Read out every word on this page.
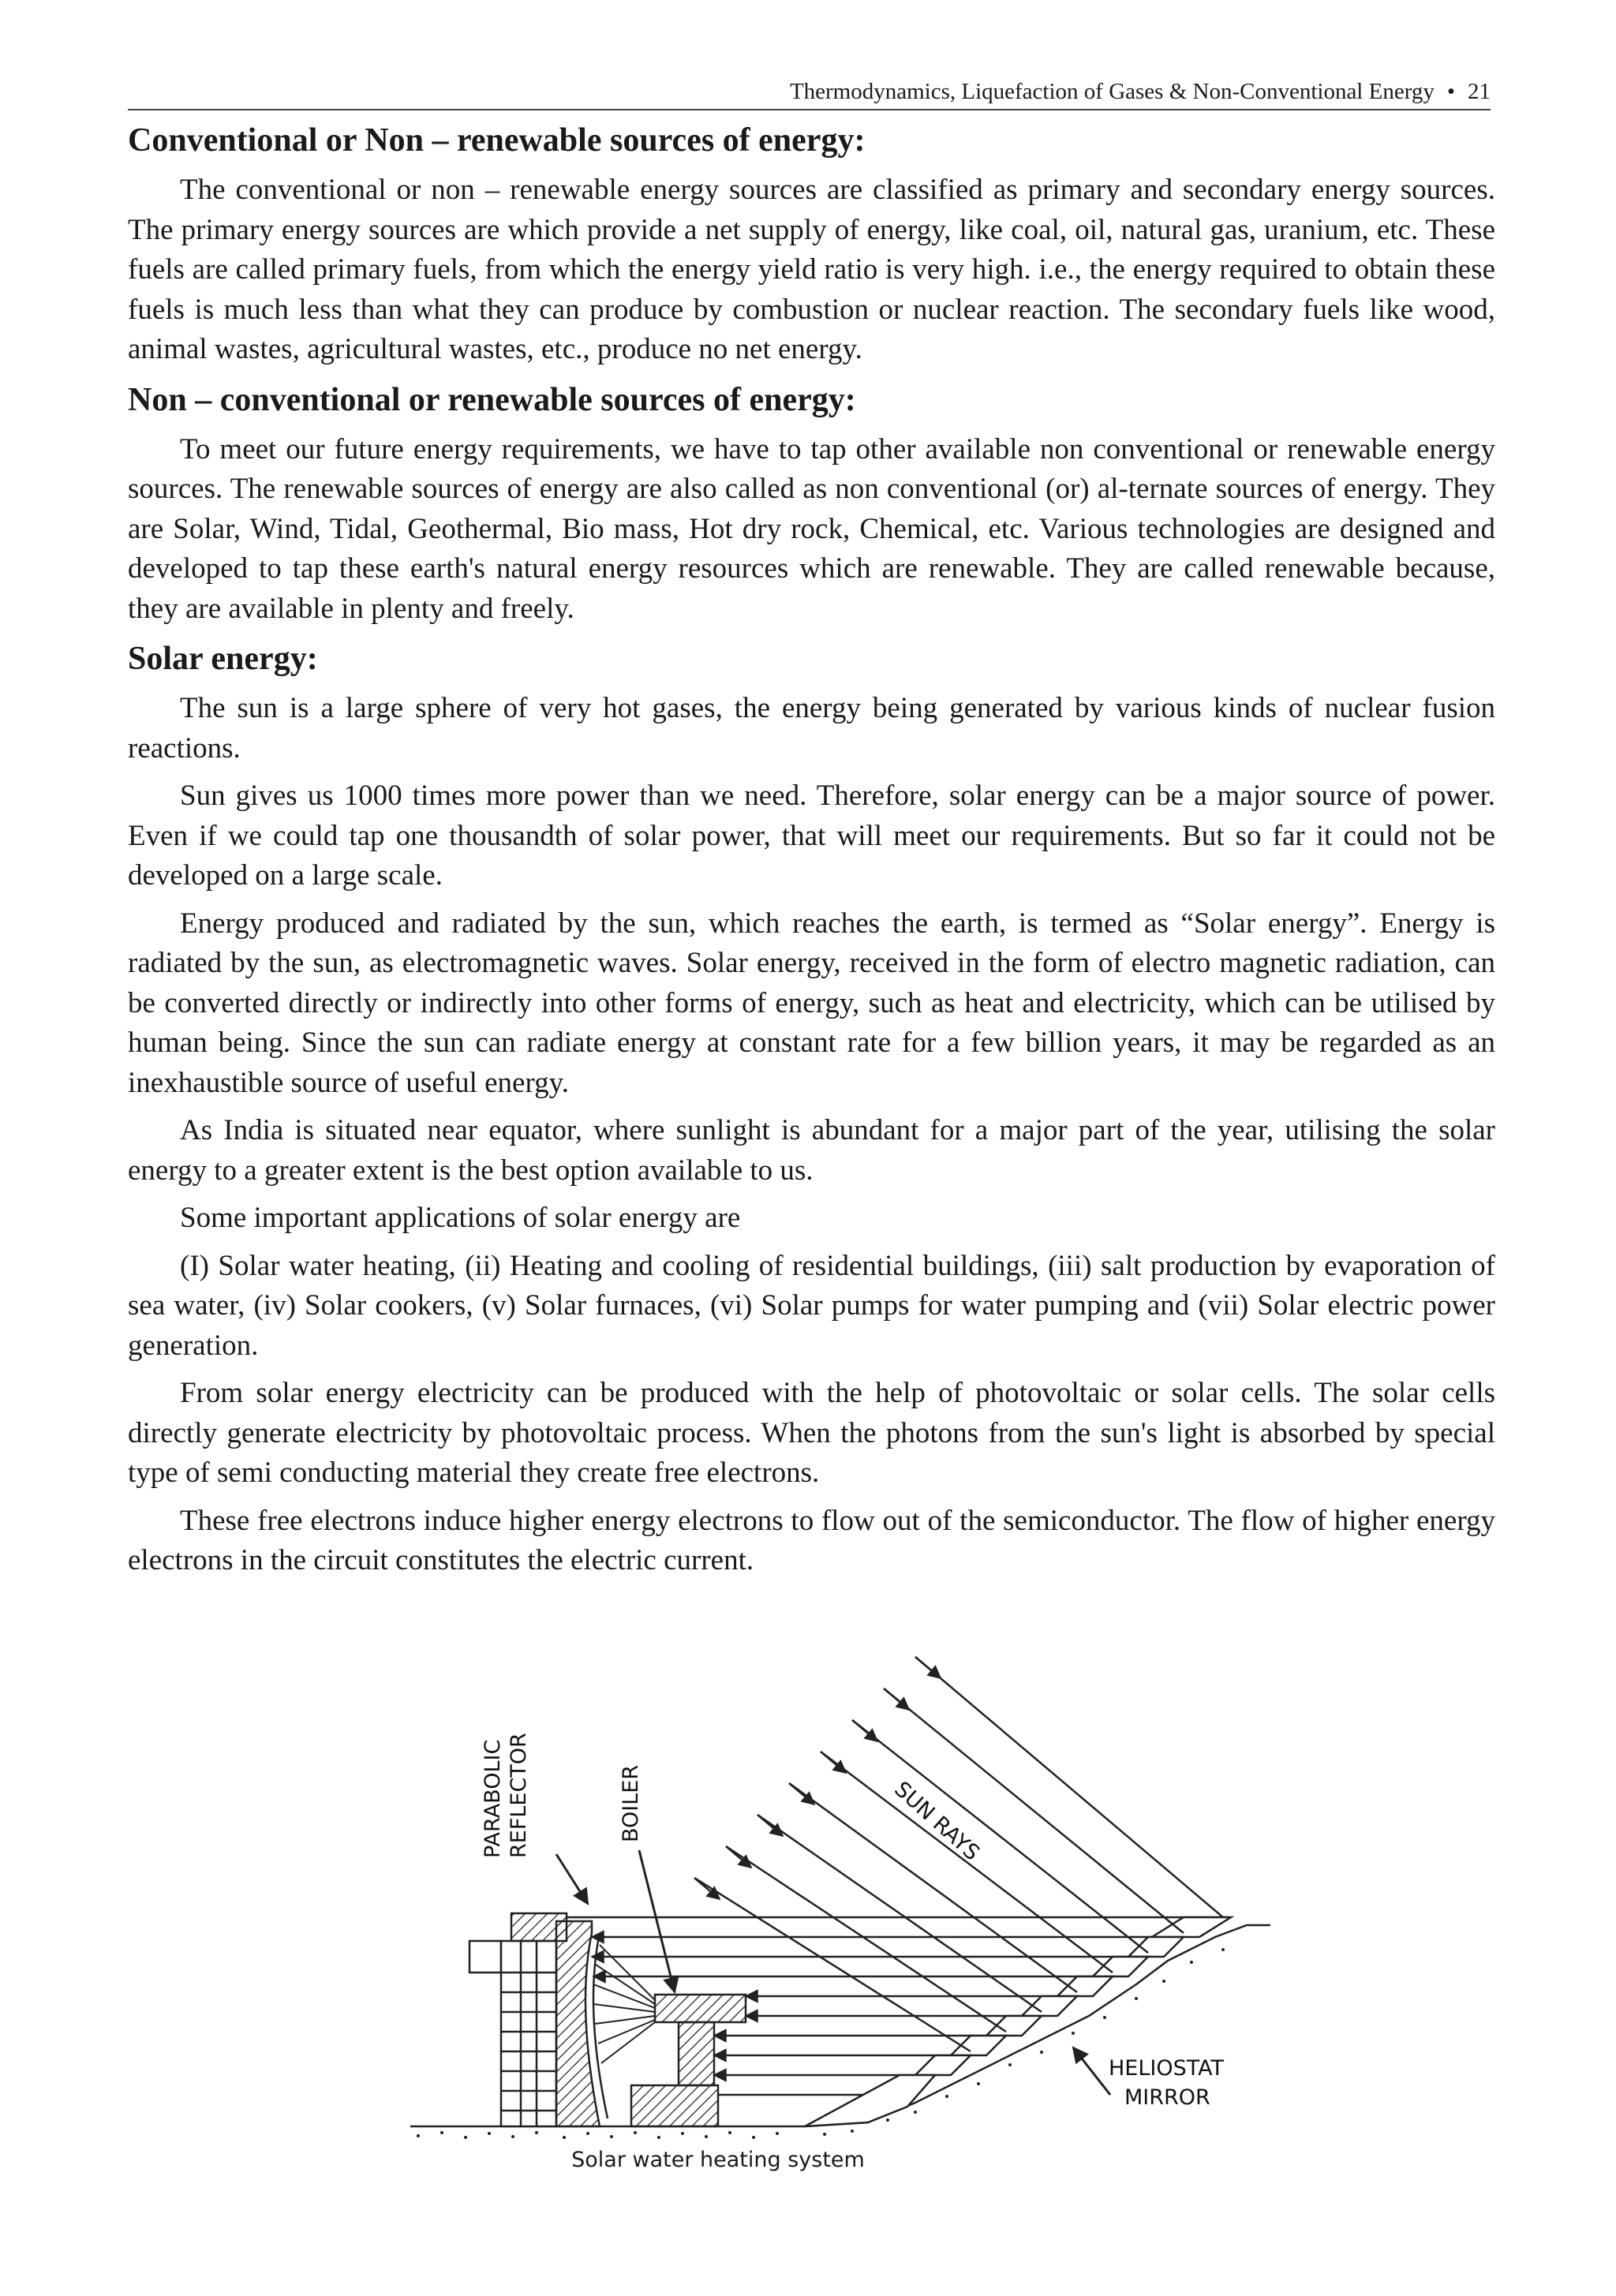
Thermodynamics, Liquefaction of Gases & Non-Conventional Energy • 21
Conventional or Non – renewable sources of energy:

The conventional or non – renewable energy sources are classified as primary and secondary energy sources. The primary energy sources are which provide a net supply of energy, like coal, oil, natural gas, uranium, etc. These fuels are called primary fuels, from which the energy yield ratio is very high. i.e., the energy required to obtain these fuels is much less than what they can produce by combustion or nuclear reaction. The secondary fuels like wood, animal wastes, agricultural wastes, etc., produce no net energy.

Non – conventional or renewable sources of energy:

To meet our future energy requirements, we have to tap other available non conventional or renewable energy sources. The renewable sources of energy are also called as non conventional (or) al-ternate sources of energy. They are Solar, Wind, Tidal, Geothermal, Bio mass, Hot dry rock, Chemical, etc. Various technologies are designed and developed to tap these earth's natural energy resources which are renewable. They are called renewable because, they are available in plenty and freely.

Solar energy:

The sun is a large sphere of very hot gases, the energy being generated by various kinds of nuclear fusion reactions.

Sun gives us 1000 times more power than we need. Therefore, solar energy can be a major source of power. Even if we could tap one thousandth of solar power, that will meet our requirements. But so far it could not be developed on a large scale.

Energy produced and radiated by the sun, which reaches the earth, is termed as “Solar energy”. Energy is radiated by the sun, as electromagnetic waves. Solar energy, received in the form of electro magnetic radiation, can be converted directly or indirectly into other forms of energy, such as heat and electricity, which can be utilised by human being. Since the sun can radiate energy at constant rate for a few billion years, it may be regarded as an inexhaustible source of useful energy.

As India is situated near equator, where sunlight is abundant for a major part of the year, utilising the solar energy to a greater extent is the best option available to us.

Some important applications of solar energy are

(I) Solar water heating, (ii) Heating and cooling of residential buildings, (iii) salt production by evaporation of sea water, (iv) Solar cookers, (v) Solar furnaces, (vi) Solar pumps for water pumping and (vii) Solar electric power generation.

From solar energy electricity can be produced with the help of photovoltaic or solar cells. The solar cells directly generate electricity by photovoltaic process. When the photons from the sun's light is absorbed by special type of semi conducting material they create free electrons.

These free electrons induce higher energy electrons to flow out of the semiconductor. The flow of higher energy electrons in the circuit constitutes the electric current.

PARABOLIC REFLECTOR	BOILER	SUN RAYS
HELIOSTAT
MIRROR
Solar water heating system
